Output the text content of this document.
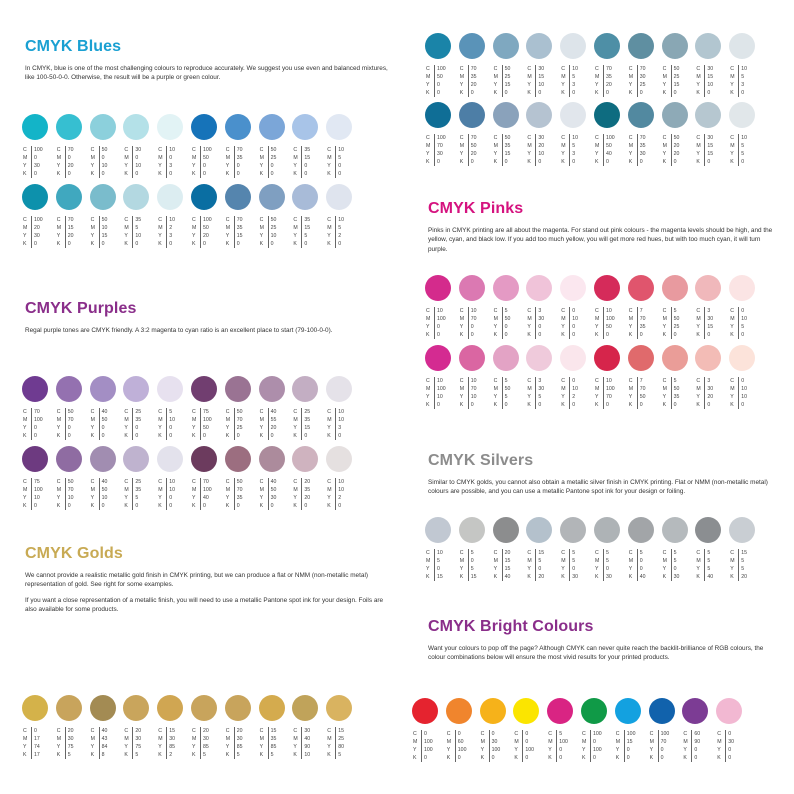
CMYK Blues

In CMYK, blue is one of the most challenging colours to reproduce accurately. We suggest you use even and balanced mixtures, like 100-50-0-0. Otherwise, the result will be a purple or green colour.

CMYK Purples

Regal purple tones are CMYK friendly. A 3:2 magenta to cyan ratio is an excellent place to start (79-100-0-0).

CMYK Golds

We cannot provide a realistic metallic gold finish in CMYK printing, but we can produce a flat or NMM (non-metallic metal) representation of gold. See right for some examples.

If you want a close representation of a metallic finish, you will need to use a metallic Pantone spot ink for your design. Foils are also available for some products.

CMYK Pinks

Pinks in CMYK printing are all about the magenta. For stand out pink colours - the magenta levels should be high, and the yellow, cyan, and black low. If you add too much yellow, you will get more red hues, but with too much cyan, it will turn purple.

CMYK Silvers

Similar to CMYK golds, you cannot also obtain a metallic silver finish in CMYK printing. Flat or NMM (non-metallic metal) colours are possible, and you can use a metallic Pantone spot ink for your design or foiling.

CMYK Bright Colours

Want your colours to pop off the page? Although CMYK can never quite reach the backlit-brilliance of RGB colours, the colour combinations below will ensure the most vivid results for your printed products.

C
M
Y
K
100
0
30
0
C
M
Y
K
70
0
20
0
C
M
Y
K
50
0
10
0
C
M
Y
K
30
0
10
0
C
M
Y
K
10
0
3
0
C
M
Y
K
100
50
0
0
C
M
Y
K
70
35
0
0
C
M
Y
K
50
25
0
0
C
M
Y
K
35
15
0
0
C
M
Y
K
10
5
0
0
C
M
Y
K
100
20
30
0
C
M
Y
K
70
15
20
0
C
M
Y
K
50
10
15
0
C
M
Y
K
35
5
10
0
C
M
Y
K
10
2
3
0
C
M
Y
K
100
50
20
0
C
M
Y
K
70
35
15
0
C
M
Y
K
50
25
10
0
C
M
Y
K
35
15
5
0
C
M
Y
K
10
5
2
0
C
M
Y
K
70
100
0
0
C
M
Y
K
50
70
0
0
C
M
Y
K
40
50
0
0
C
M
Y
K
25
35
0
0
C
M
Y
K
5
10
0
0
C
M
Y
K
75
100
50
0
C
M
Y
K
50
70
25
0
C
M
Y
K
40
55
20
0
C
M
Y
K
25
35
15
0
C
M
Y
K
10
10
3
0
C
M
Y
K
75
100
10
0
C
M
Y
K
50
70
10
0
C
M
Y
K
40
50
10
0
C
M
Y
K
25
35
5
0
C
M
Y
K
10
10
0
0
C
M
Y
K
70
100
40
0
C
M
Y
K
50
70
35
0
C
M
Y
K
40
50
30
0
C
M
Y
K
20
35
20
0
C
M
Y
K
10
10
2
0
C
M
Y
K
0
17
74
17
C
M
Y
K
20
30
75
5
C
M
Y
K
40
43
84
8
C
M
Y
K
20
30
75
5
C
M
Y
K
15
30
85
2
C
M
Y
K
20
30
85
5
C
M
Y
K
20
30
85
5
C
M
Y
K
15
35
85
5
C
M
Y
K
30
40
90
10
C
M
Y
K
15
25
80
5
C
M
Y
K
100
50
0
0
C
M
Y
K
70
35
20
0
C
M
Y
K
50
25
15
0
C
M
Y
K
30
15
10
0
C
M
Y
K
10
5
3
0
C
M
Y
K
70
35
20
0
C
M
Y
K
70
30
25
0
C
M
Y
K
50
25
15
0
C
M
Y
K
30
15
10
0
C
M
Y
K
10
5
3
0
C
M
Y
K
100
70
30
0
C
M
Y
K
70
50
20
0
C
M
Y
K
50
35
15
0
C
M
Y
K
30
20
10
0
C
M
Y
K
10
5
3
0
C
M
Y
K
100
50
40
0
C
M
Y
K
70
35
30
0
C
M
Y
K
50
20
20
0
C
M
Y
K
30
15
15
0
C
M
Y
K
10
5
5
0
C
M
Y
K
10
100
0
0
C
M
Y
K
10
70
0
0
C
M
Y
K
5
50
0
0
C
M
Y
K
3
30
0
0
C
M
Y
K
0
10
0
0
C
M
Y
K
10
100
50
0
C
M
Y
K
7
70
35
0
C
M
Y
K
5
50
25
0
C
M
Y
K
3
30
15
0
C
M
Y
K
0
10
5
0
C
M
Y
K
10
100
10
0
C
M
Y
K
10
70
10
0
C
M
Y
K
5
50
5
0
C
M
Y
K
3
30
5
0
C
M
Y
K
0
10
2
0
C
M
Y
K
10
100
70
0
C
M
Y
K
7
70
50
0
C
M
Y
K
5
50
35
0
C
M
Y
K
3
30
20
0
C
M
Y
K
0
10
10
0
C
M
Y
K
10
5
0
15
C
M
Y
K
5
0
5
15
C
M
Y
K
20
15
15
40
C
M
Y
K
15
5
0
20
C
M
Y
K
5
5
0
30
C
M
Y
K
5
5
0
30
C
M
Y
K
5
0
0
40
C
M
Y
K
5
5
0
30
C
M
Y
K
5
5
5
40
C
M
Y
K
15
5
5
20
C
M
Y
K
0
100
100
0
C
M
Y
K
0
60
100
0
C
M
Y
K
0
30
100
0
C
M
Y
K
0
0
100
0
C
M
Y
K
5
100
0
0
C
M
Y
K
100
0
100
0
C
M
Y
K
100
15
0
0
C
M
Y
K
100
70
0
0
C
M
Y
K
60
90
0
0
C
M
Y
K
0
30
0
0
